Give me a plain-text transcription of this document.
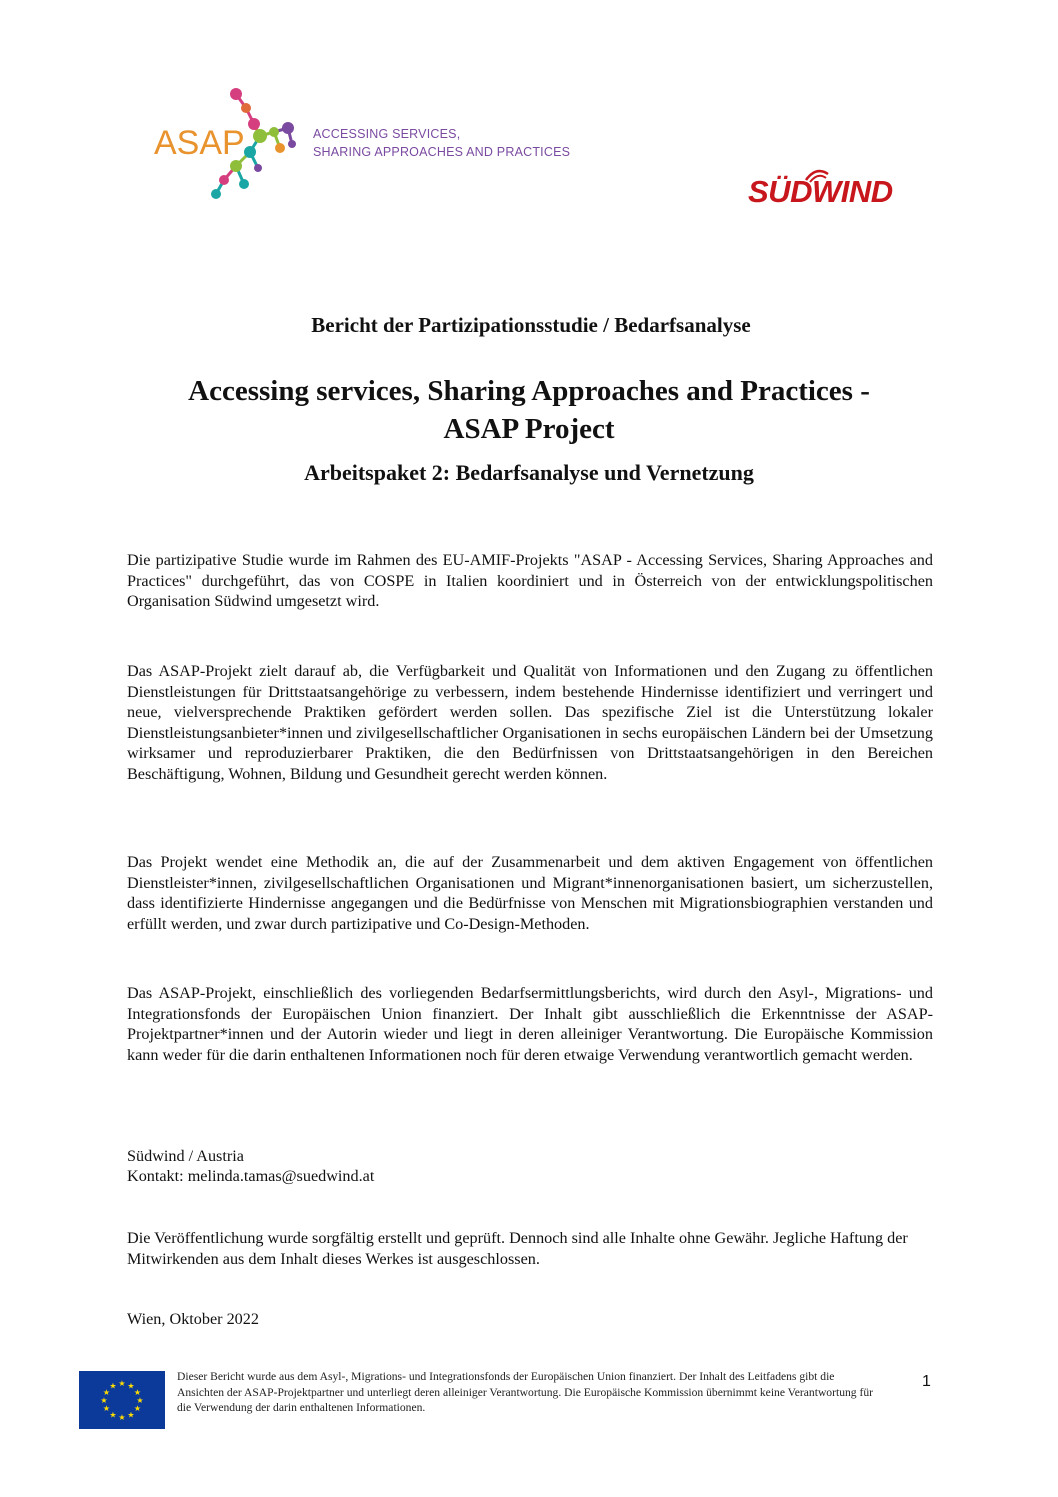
ASAP	ACCESSING SERVICES,
SHARING APPROACHES AND PRACTICES
SÜDWIND
Bericht der Partizipationsstudie / Bedarfsanalyse
Accessing services, Sharing Approaches and Practices -
ASAP Project
Arbeitspaket 2: Bedarfsanalyse und Vernetzung

Die partizipative Studie wurde im Rahmen des EU-AMIF-Projekts "ASAP - Accessing Services, Sharing Approaches and Practices" durchgeführt, das von COSPE in Italien koordiniert und in Österreich von der entwicklungspolitischen Organisation Südwind umgesetzt wird.

Das ASAP-Projekt zielt darauf ab, die Verfügbarkeit und Qualität von Informationen und den Zugang zu öffentlichen Dienstleistungen für Drittstaatsangehörige zu verbessern, indem bestehende Hindernisse identifiziert und verringert und neue, vielversprechende Praktiken gefördert werden sollen. Das spezifische Ziel ist die Unterstützung lokaler Dienstleistungsanbieter*innen und zivilgesellschaftlicher Organisationen in sechs europäischen Ländern bei der Umsetzung wirksamer und reproduzierbarer Praktiken, die den Bedürfnissen von Drittstaatsangehörigen in den Bereichen Beschäftigung, Wohnen, Bildung und Gesundheit gerecht werden können.

Das Projekt wendet eine Methodik an, die auf der Zusammenarbeit und dem aktiven Engagement von öffentlichen Dienstleister*innen, zivilgesellschaftlichen Organisationen und Migrant*innenorganisationen basiert, um sicherzustellen, dass identifizierte Hindernisse angegangen und die Bedürfnisse von Menschen mit Migrationsbiographien verstanden und erfüllt werden, und zwar durch partizipative und Co-Design-Methoden.

Das ASAP-Projekt, einschließlich des vorliegenden Bedarfsermittlungsberichts, wird durch den Asyl-, Migrations- und Integrationsfonds der Europäischen Union finanziert. Der Inhalt gibt ausschließlich die Erkenntnisse der ASAP-Projektpartner*innen und der Autorin wieder und liegt in deren alleiniger Verantwortung. Die Europäische Kommission kann weder für die darin enthaltenen Informationen noch für deren etwaige Verwendung verantwortlich gemacht werden.

Südwind / Austria

Kontakt: melinda.tamas@suedwind.at

Die Veröffentlichung wurde sorgfältig erstellt und geprüft. Dennoch sind alle Inhalte ohne Gewähr. Jegliche Haftung der Mitwirkenden aus dem Inhalt dieses Werkes ist ausgeschlossen.

Wien, Oktober 2022

★ ★
★
★
★
★
★
★
★
★
★
★

Dieser Bericht wurde aus dem Asyl-, Migrations- und Integrationsfonds der Europäischen Union finanziert. Der Inhalt des Leitfadens gibt die Ansichten der ASAP-Projektpartner und unterliegt deren alleiniger Verantwortung. Die Europäische Kommission übernimmt keine Verantwortung für die Verwendung der darin enthaltenen Informationen.

1
